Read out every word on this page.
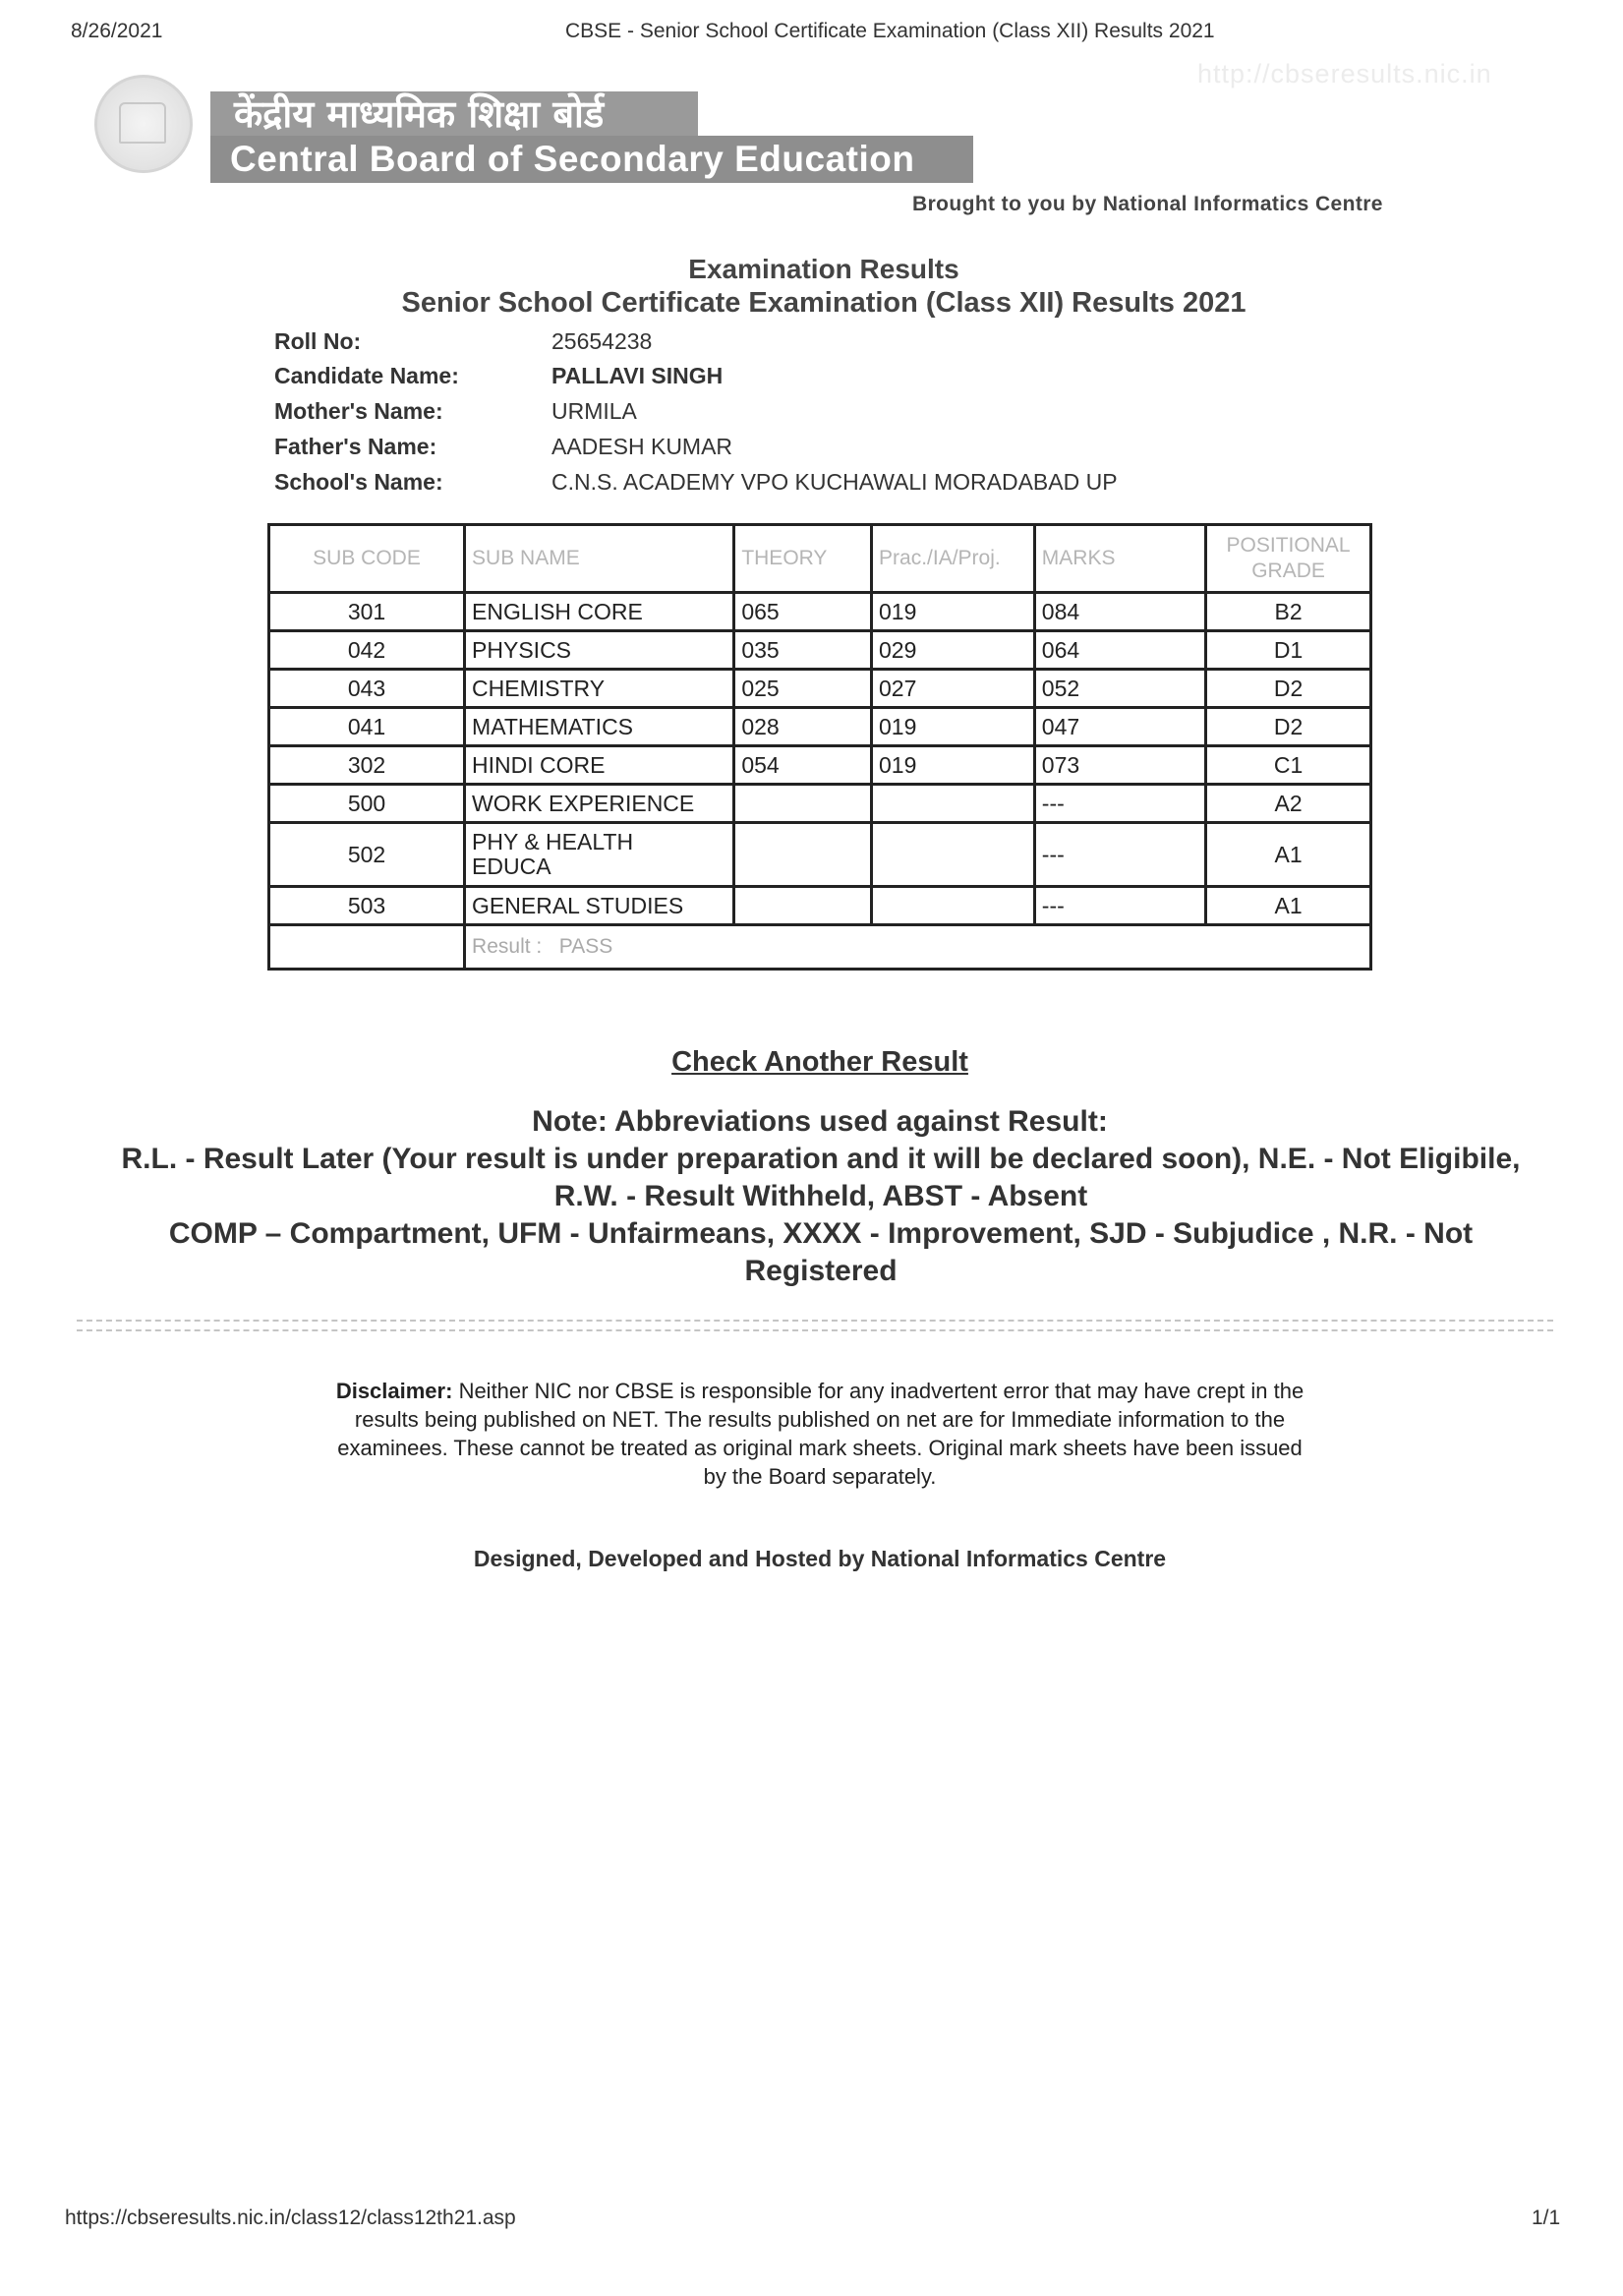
8/26/2021	CBSE - Senior School Certificate Examination (Class XII) Results 2021
http://cbseresults.nic.in
केंद्रीय माध्यमिक शिक्षा बोर्ड
Central Board of Secondary Education
Brought to you by National Informatics Centre
Examination Results
Senior School Certificate Examination (Class XII) Results 2021
Roll No:	25654238
Candidate Name:	PALLAVI SINGH
Mother's Name:	URMILA
Father's Name:	AADESH KUMAR
School's Name:	C.N.S. ACADEMY VPO KUCHAWALI MORADABAD UP
SUB CODE	SUB NAME	THEORY	Prac./IA/Proj.	MARKS	POSITIONAL
GRADE
301	ENGLISH CORE	065	019	084	B2
042	PHYSICS	035	029	064	D1
043	CHEMISTRY	025	027	052	D2
041	MATHEMATICS	028	019	047	D2
302	HINDI CORE	054	019	073	C1
500	WORK EXPERIENCE			---	A2
502	PHY & HEALTH
EDUCA			---	A1
503	GENERAL STUDIES			---	A1
	Result : PASS				
Check Another Result
Note: Abbreviations used against Result:
R.L. - Result Later (Your result is under preparation and it will be declared soon), N.E. - Not Eligibile,
R.W. - Result Withheld, ABST - Absent
COMP – Compartment, UFM - Unfairmeans, XXXX - Improvement, SJD - Subjudice , N.R. - Not
Registered
Disclaimer: Neither NIC nor CBSE is responsible for any inadvertent error that may have crept in the
results being published on NET. The results published on net are for Immediate information to the
examinees. These cannot be treated as original mark sheets. Original mark sheets have been issued
by the Board separately.
Designed, Developed and Hosted by National Informatics Centre
https://cbseresults.nic.in/class12/class12th21.asp	1/1
